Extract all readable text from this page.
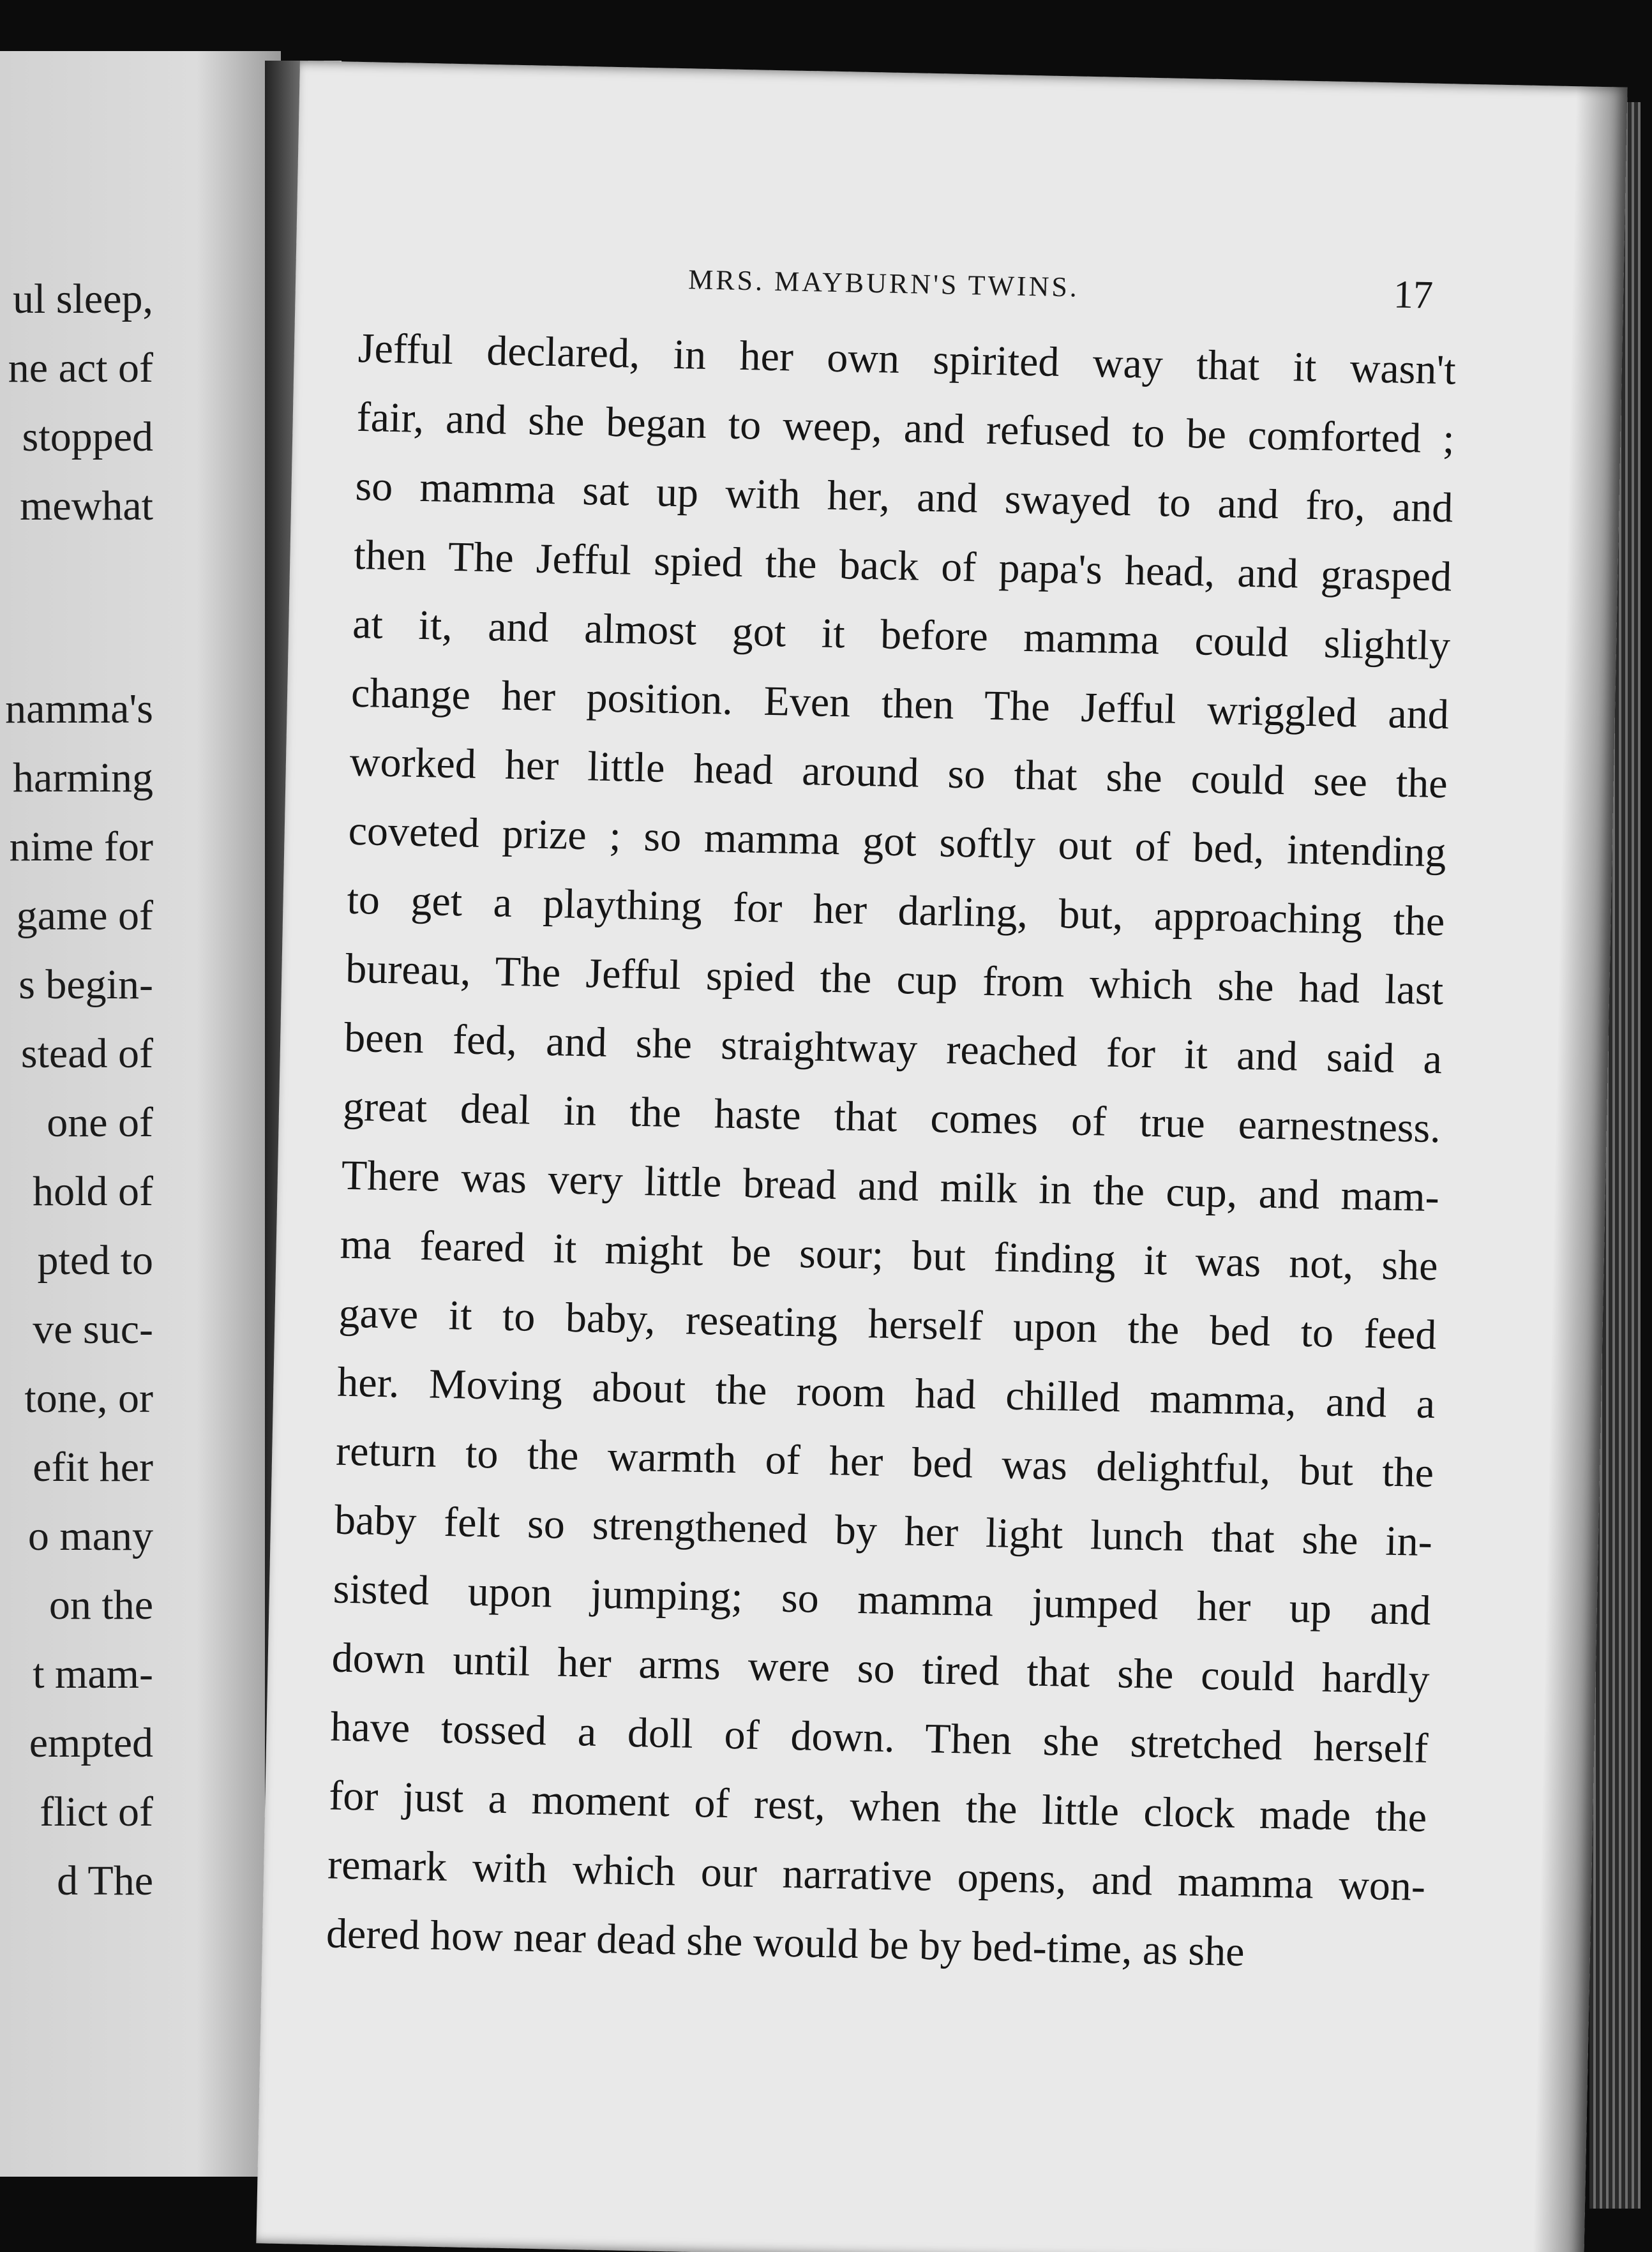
ul sleep,
ne act of
stopped
mewhat
namma's
harming
nime for
game of
s begin-
stead of
one of
hold of
pted to
ve suc-
tone, or
efit her
o many
on the
t mam-
empted
flict of
d The
MRS. MAYBURN'S TWINS.	17
Jefful declared, in her own spirited way that it wasn't
fair, and she began to weep, and refused to be comforted ;
so mamma sat up with her, and swayed to and fro, and
then The Jefful spied the back of papa's head, and grasped
at it, and almost got it before mamma could slightly
change her position. Even then The Jefful wriggled and
worked her little head around so that she could see the
coveted prize ; so mamma got softly out of bed, intending
to get a plaything for her darling, but, approaching the
bureau, The Jefful spied the cup from which she had last
been fed, and she straightway reached for it and said a
great deal in the haste that comes of true earnestness.
There was very little bread and milk in the cup, and mam-
ma feared it might be sour; but finding it was not, she
gave it to baby, reseating herself upon the bed to feed
her. Moving about the room had chilled mamma, and a
return to the warmth of her bed was delightful, but the
baby felt so strengthened by her light lunch that she in-
sisted upon jumping; so mamma jumped her up and
down until her arms were so tired that she could hardly
have tossed a doll of down. Then she stretched herself
for just a moment of rest, when the little clock made the
remark with which our narrative opens, and mamma won-
dered how near dead she would be by bed-time, as she
